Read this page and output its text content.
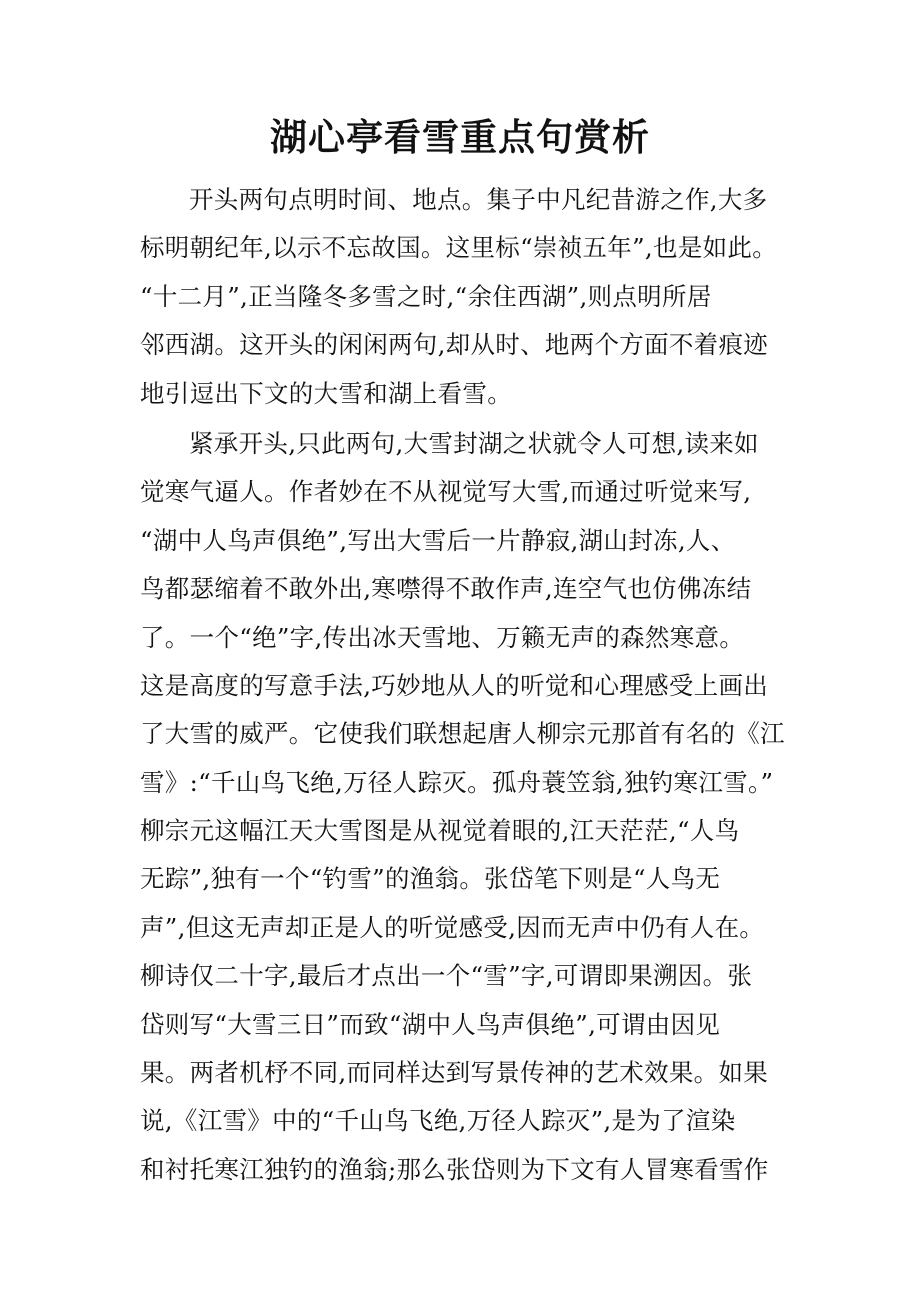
湖心亭看雪重点句赏析
开头两句点明时间、地点。集子中凡纪昔游之作,大多
标明朝纪年,以示不忘故国。这里标“崇祯五年”,也是如此。
“十二月”,正当隆冬多雪之时,“余住西湖”,则点明所居
邻西湖。这开头的闲闲两句,却从时、地两个方面不着痕迹
地引逗出下文的大雪和湖上看雪。
紧承开头,只此两句,大雪封湖之状就令人可想,读来如
觉寒气逼人。作者妙在不从视觉写大雪,而通过听觉来写,
“湖中人鸟声俱绝”,写出大雪后一片静寂,湖山封冻,人、
鸟都瑟缩着不敢外出,寒噤得不敢作声,连空气也仿佛冻结
了。一个“绝”字,传出冰天雪地、万籁无声的森然寒意。
这是高度的写意手法,巧妙地从人的听觉和心理感受上画出
了大雪的威严。它使我们联想起唐人柳宗元那首有名的《江
雪》:“千山鸟飞绝,万径人踪灭。孤舟蓑笠翁,独钓寒江雪。”
柳宗元这幅江天大雪图是从视觉着眼的,江天茫茫,“人鸟
无踪”,独有一个“钓雪”的渔翁。张岱笔下则是“人鸟无
声”,但这无声却正是人的听觉感受,因而无声中仍有人在。
柳诗仅二十字,最后才点出一个“雪”字,可谓即果溯因。张
岱则写“大雪三日”而致“湖中人鸟声俱绝”,可谓由因见
果。两者机杼不同,而同样达到写景传神的艺术效果。如果
说,《江雪》中的“千山鸟飞绝,万径人踪灭”,是为了渲染
和衬托寒江独钓的渔翁;那么张岱则为下文有人冒寒看雪作
